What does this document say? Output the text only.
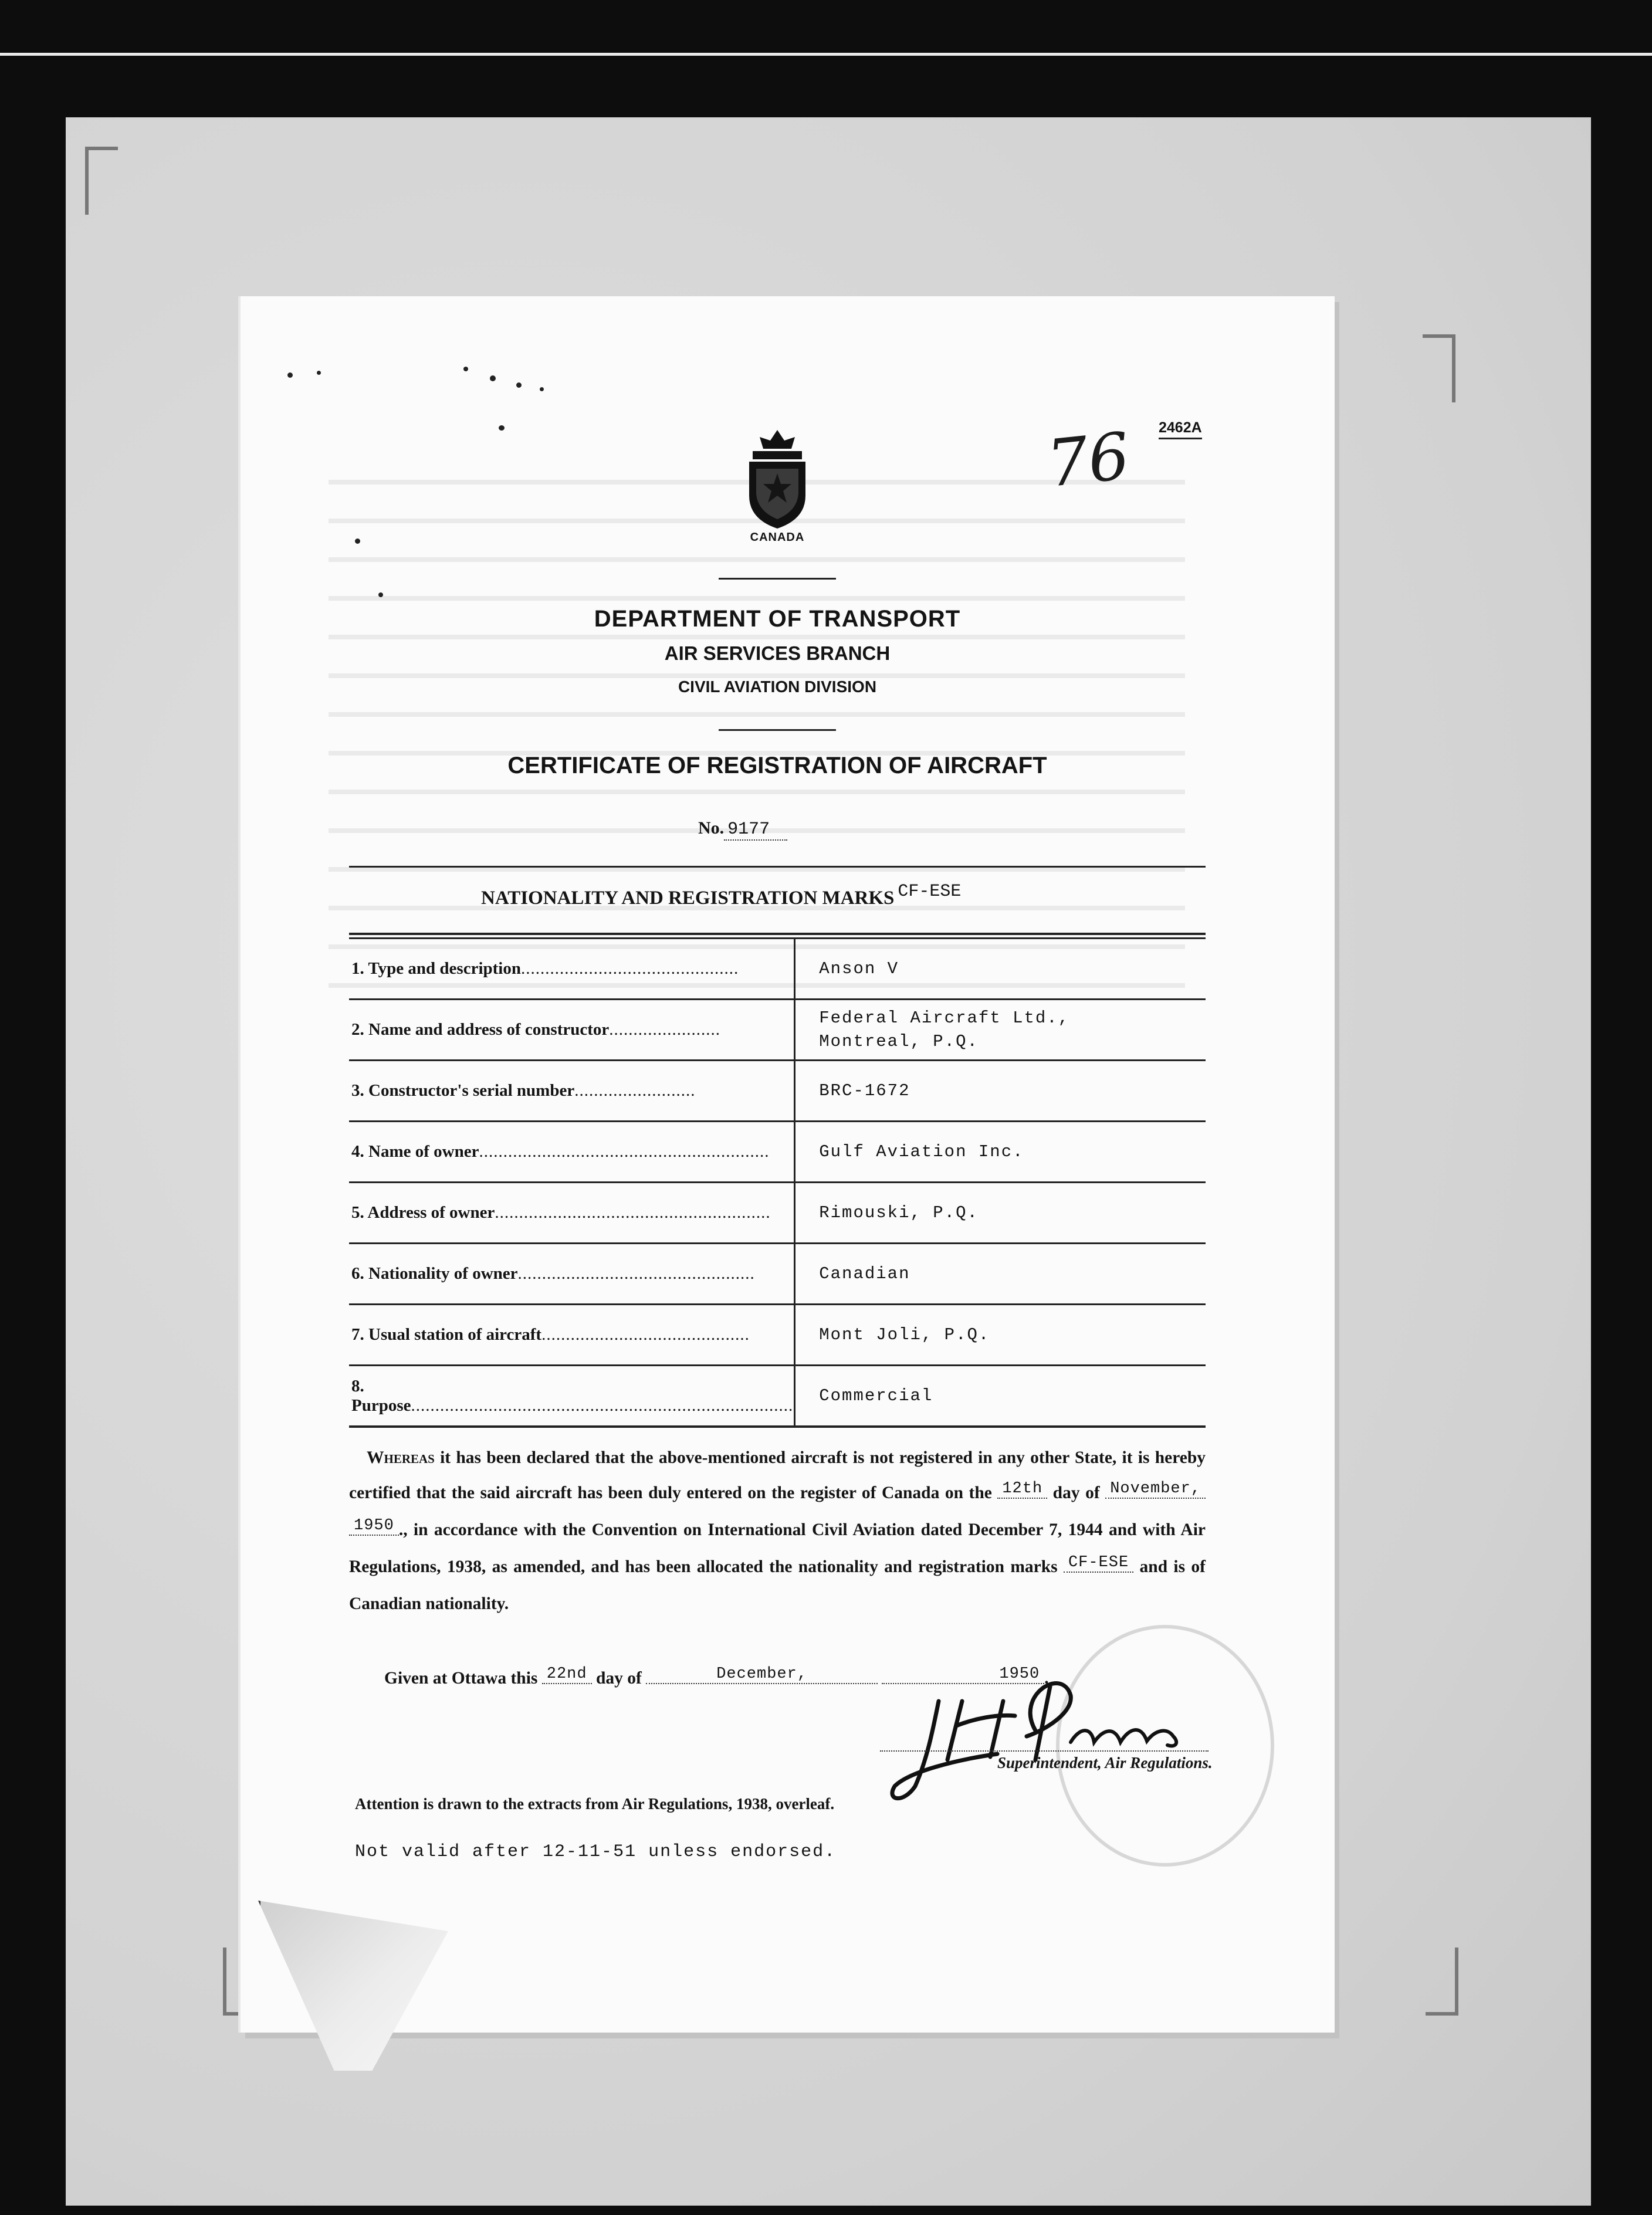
76 2462A
CANADA
DEPARTMENT OF TRANSPORT
AIR SERVICES BRANCH
CIVIL AVIATION DIVISION
CERTIFICATE OF REGISTRATION OF AIRCRAFT
No. 9177
NATIONALITY AND REGISTRATION MARKS CF-ESE
1. Type and description.............................................	Anson V

2. Name and address of constructor.......................	Federal Aircraft Ltd.,
Montreal, P.Q.

3. Constructor's serial number.........................	BRC-1672

4. Name of owner............................................................	Gulf Aviation Inc.

5. Address of owner.........................................................	Rimouski, P.Q.

6. Nationality of owner.................................................	Canadian

7. Usual station of aircraft...........................................	Mont Joli, P.Q.

8. Purpose...............................................................................	Commercial
Whereas it has been declared that the above-mentioned aircraft is not registered in any other State, it is hereby certified that the said aircraft has been duly entered on the register of Canada on the 12th day of November, 1950 ., in accordance with the Convention on International Civil Aviation dated December 7, 1944 and with Air Regulations, 1938, as amended, and has been allocated the nationality and registration marks CF-ESE and is of Canadian nationality.
Given at Ottawa this 22nd day of	December,	1950 .
Superintendent, Air Regulations.
Attention is drawn to the extracts from Air Regulations, 1938, overleaf.
Not valid after 12-11-51 unless endorsed.
